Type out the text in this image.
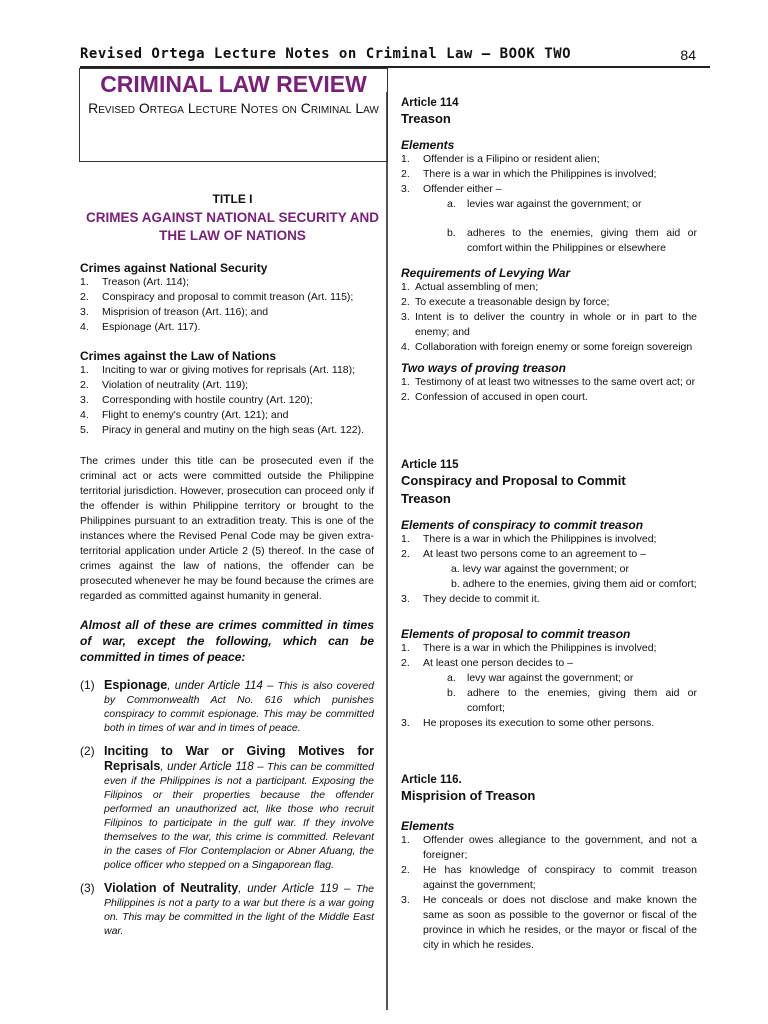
Revised Ortega Lecture Notes on Criminal Law – BOOK TWO	84
CRIMINAL LAW REVIEW
Revised Ortega Lecture Notes on Criminal Law
TITLE I
CRIMES AGAINST NATIONAL SECURITY AND THE LAW OF NATIONS
Crimes against National Security
1. Treason (Art. 114);
2. Conspiracy and proposal to commit treason (Art. 115);
3. Misprision of treason (Art. 116); and
4. Espionage (Art. 117).
Crimes against the Law of Nations
1. Inciting to war or giving motives for reprisals (Art. 118);
2. Violation of neutrality (Art. 119);
3. Corresponding with hostile country (Art. 120);
4. Flight to enemy's country (Art. 121); and
5. Piracy in general and mutiny on the high seas (Art. 122).
The crimes under this title can be prosecuted even if the criminal act or acts were committed outside the Philippine territorial jurisdiction. However, prosecution can proceed only if the offender is within Philippine territory or brought to the Philippines pursuant to an extradition treaty. This is one of the instances where the Revised Penal Code may be given extra-territorial application under Article 2 (5) thereof. In the case of crimes against the law of nations, the offender can be prosecuted whenever he may be found because the crimes are regarded as committed against humanity in general.
Almost all of these are crimes committed in times of war, except the following, which can be committed in times of peace:
(1) Espionage, under Article 114 – This is also covered by Commonwealth Act No. 616 which punishes conspiracy to commit espionage. This may be committed both in times of war and in times of peace.
(2) Inciting to War or Giving Motives for Reprisals, under Article 118 – This can be committed even if the Philippines is not a participant. Exposing the Filipinos or their properties because the offender performed an unauthorized act, like those who recruit Filipinos to participate in the gulf war. If they involve themselves to the war, this crime is committed. Relevant in the cases of Flor Contemplacion or Abner Afuang, the police officer who stepped on a Singaporean flag.
(3) Violation of Neutrality, under Article 119 – The Philippines is not a party to a war but there is a war going on. This may be committed in the light of the Middle East war.
Article 114
Treason
Elements
1. Offender is a Filipino or resident alien;
2. There is a war in which the Philippines is involved;
3. Offender either –
a. levies war against the government; or
b. adheres to the enemies, giving them aid or comfort within the Philippines or elsewhere
Requirements of Levying War
1. Actual assembling of men;
2. To execute a treasonable design by force;
3. Intent is to deliver the country in whole or in part to the enemy; and
4. Collaboration with foreign enemy or some foreign sovereign
Two ways of proving treason
1. Testimony of at least two witnesses to the same overt act; or
2. Confession of accused in open court.
Article 115
Conspiracy and Proposal to Commit Treason
Elements of conspiracy to commit treason
1. There is a war in which the Philippines is involved;
2. At least two persons come to an agreement to –
a. levy war against the government; or
b. adhere to the enemies, giving them aid or comfort;
3. They decide to commit it.
Elements of proposal to commit treason
1. There is a war in which the Philippines is involved;
2. At least one person decides to –
a. levy war against the government; or
b. adhere to the enemies, giving them aid or comfort;
3. He proposes its execution to some other persons.
Article 116.
Misprision of Treason
Elements
1. Offender owes allegiance to the government, and not a foreigner;
2. He has knowledge of conspiracy to commit treason against the government;
3. He conceals or does not disclose and make known the same as soon as possible to the governor or fiscal of the province in which he resides, or the mayor or fiscal of the city in which he resides.
